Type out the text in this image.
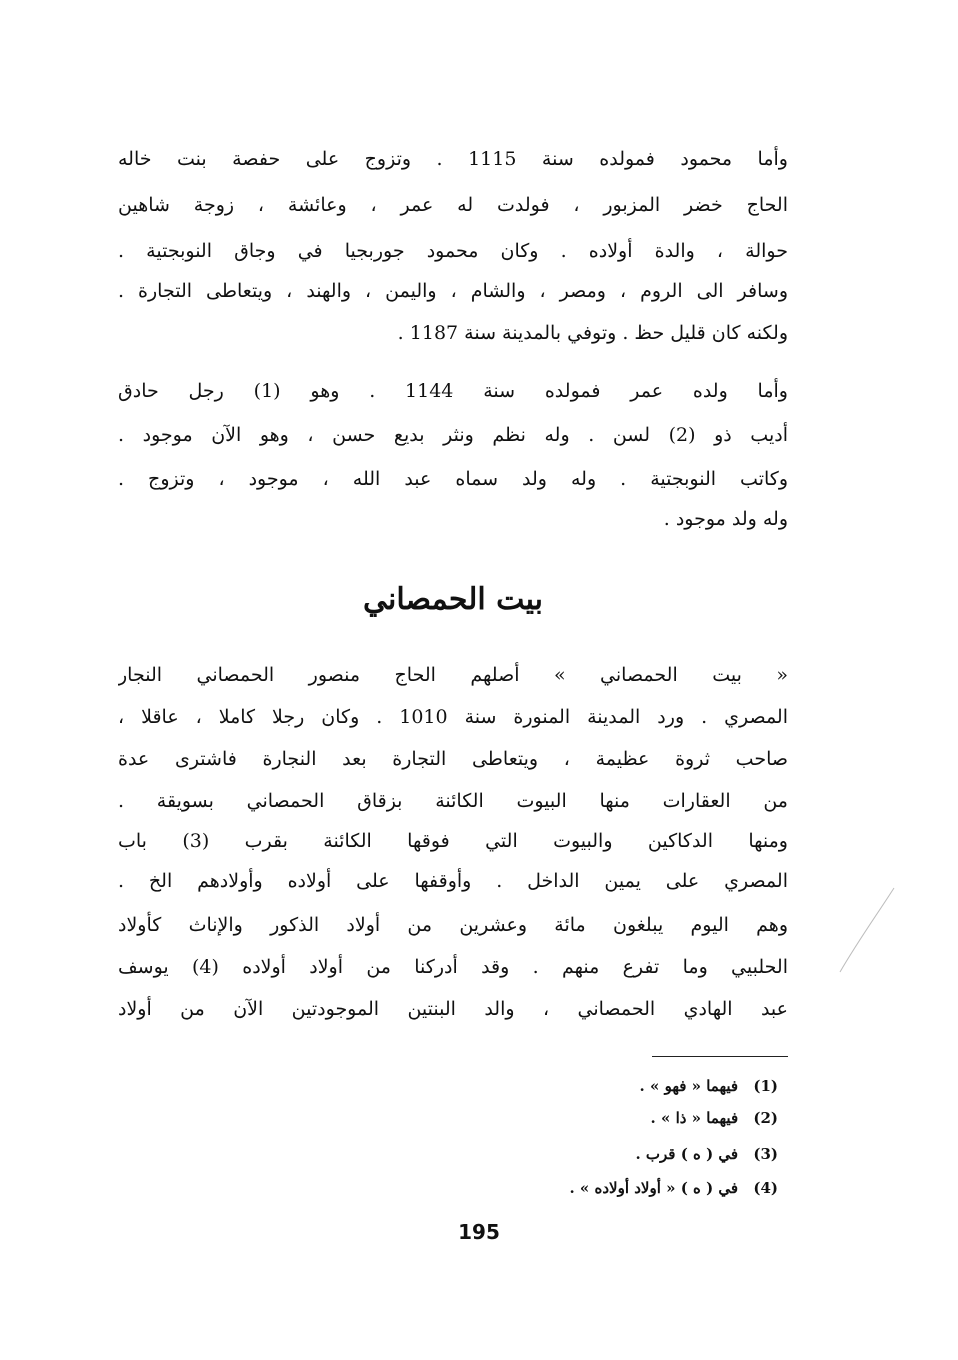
وأما محمود فمولده سنة 1115 . وتزوج على حفصة بنت خاله
الحاج خضر المزبور ، فولدت له عمر ، وعائشة ، زوجة شاهين
حوالة ، والدة أولاده . وكان محمود جوربجيا في وجاق النوبجتية .
وسافر الى الروم ، ومصر ، والشام ، واليمن ، والهند ، ويتعاطى التجارة .
ولكنه كان قليل حظ . وتوفي بالمدينة سنة 1187 .
وأما ولده عمر فمولده سنة 1144 . وهو (1) رجل حادق
أديب ذو (2) لسن . وله نظم ونثر بديع حسن ، وهو الآن موجود .
وكاتب النوبجتية . وله ولد سماه عبد الله ، موجود ، وتزوج .
وله ولد موجود .
بيت الحمصاني
« بيت الحمصاني » أصلهم الحاج منصور الحمصاني النجار
المصري . ورد المدينة المنورة سنة 1010 . وكان رجلا كاملا ، عاقلا ،
صاحب ثروة عظيمة ، ويتعاطى التجارة بعد النجارة فاشترى عدة
من العقارات منها البيوت الكائنة بزقاق الحمصاني بسويقة .
ومنها الدكاكين والبيوت التي فوقها الكائنة بقرب (3) باب
المصري على يمين الداخل . وأوقفها على أولاده وأولادهم الخ .
وهم اليوم يبلغون مائة وعشرين من أولاد الذكور والإناث كأولاد
الحلبيي وما تفرع منهم . وقد أدركنا من أولاد أولاده (4) يوسف
عبد الهادي الحمصاني ، والد البنتين الموجودتين الآن من أولاد
(1) فيهما « فهو » .
(2) فيهما « ذا » .
(3) في ( ه ) قرب .
(4) في ( ه ) « أولاد أولاده » .
195
